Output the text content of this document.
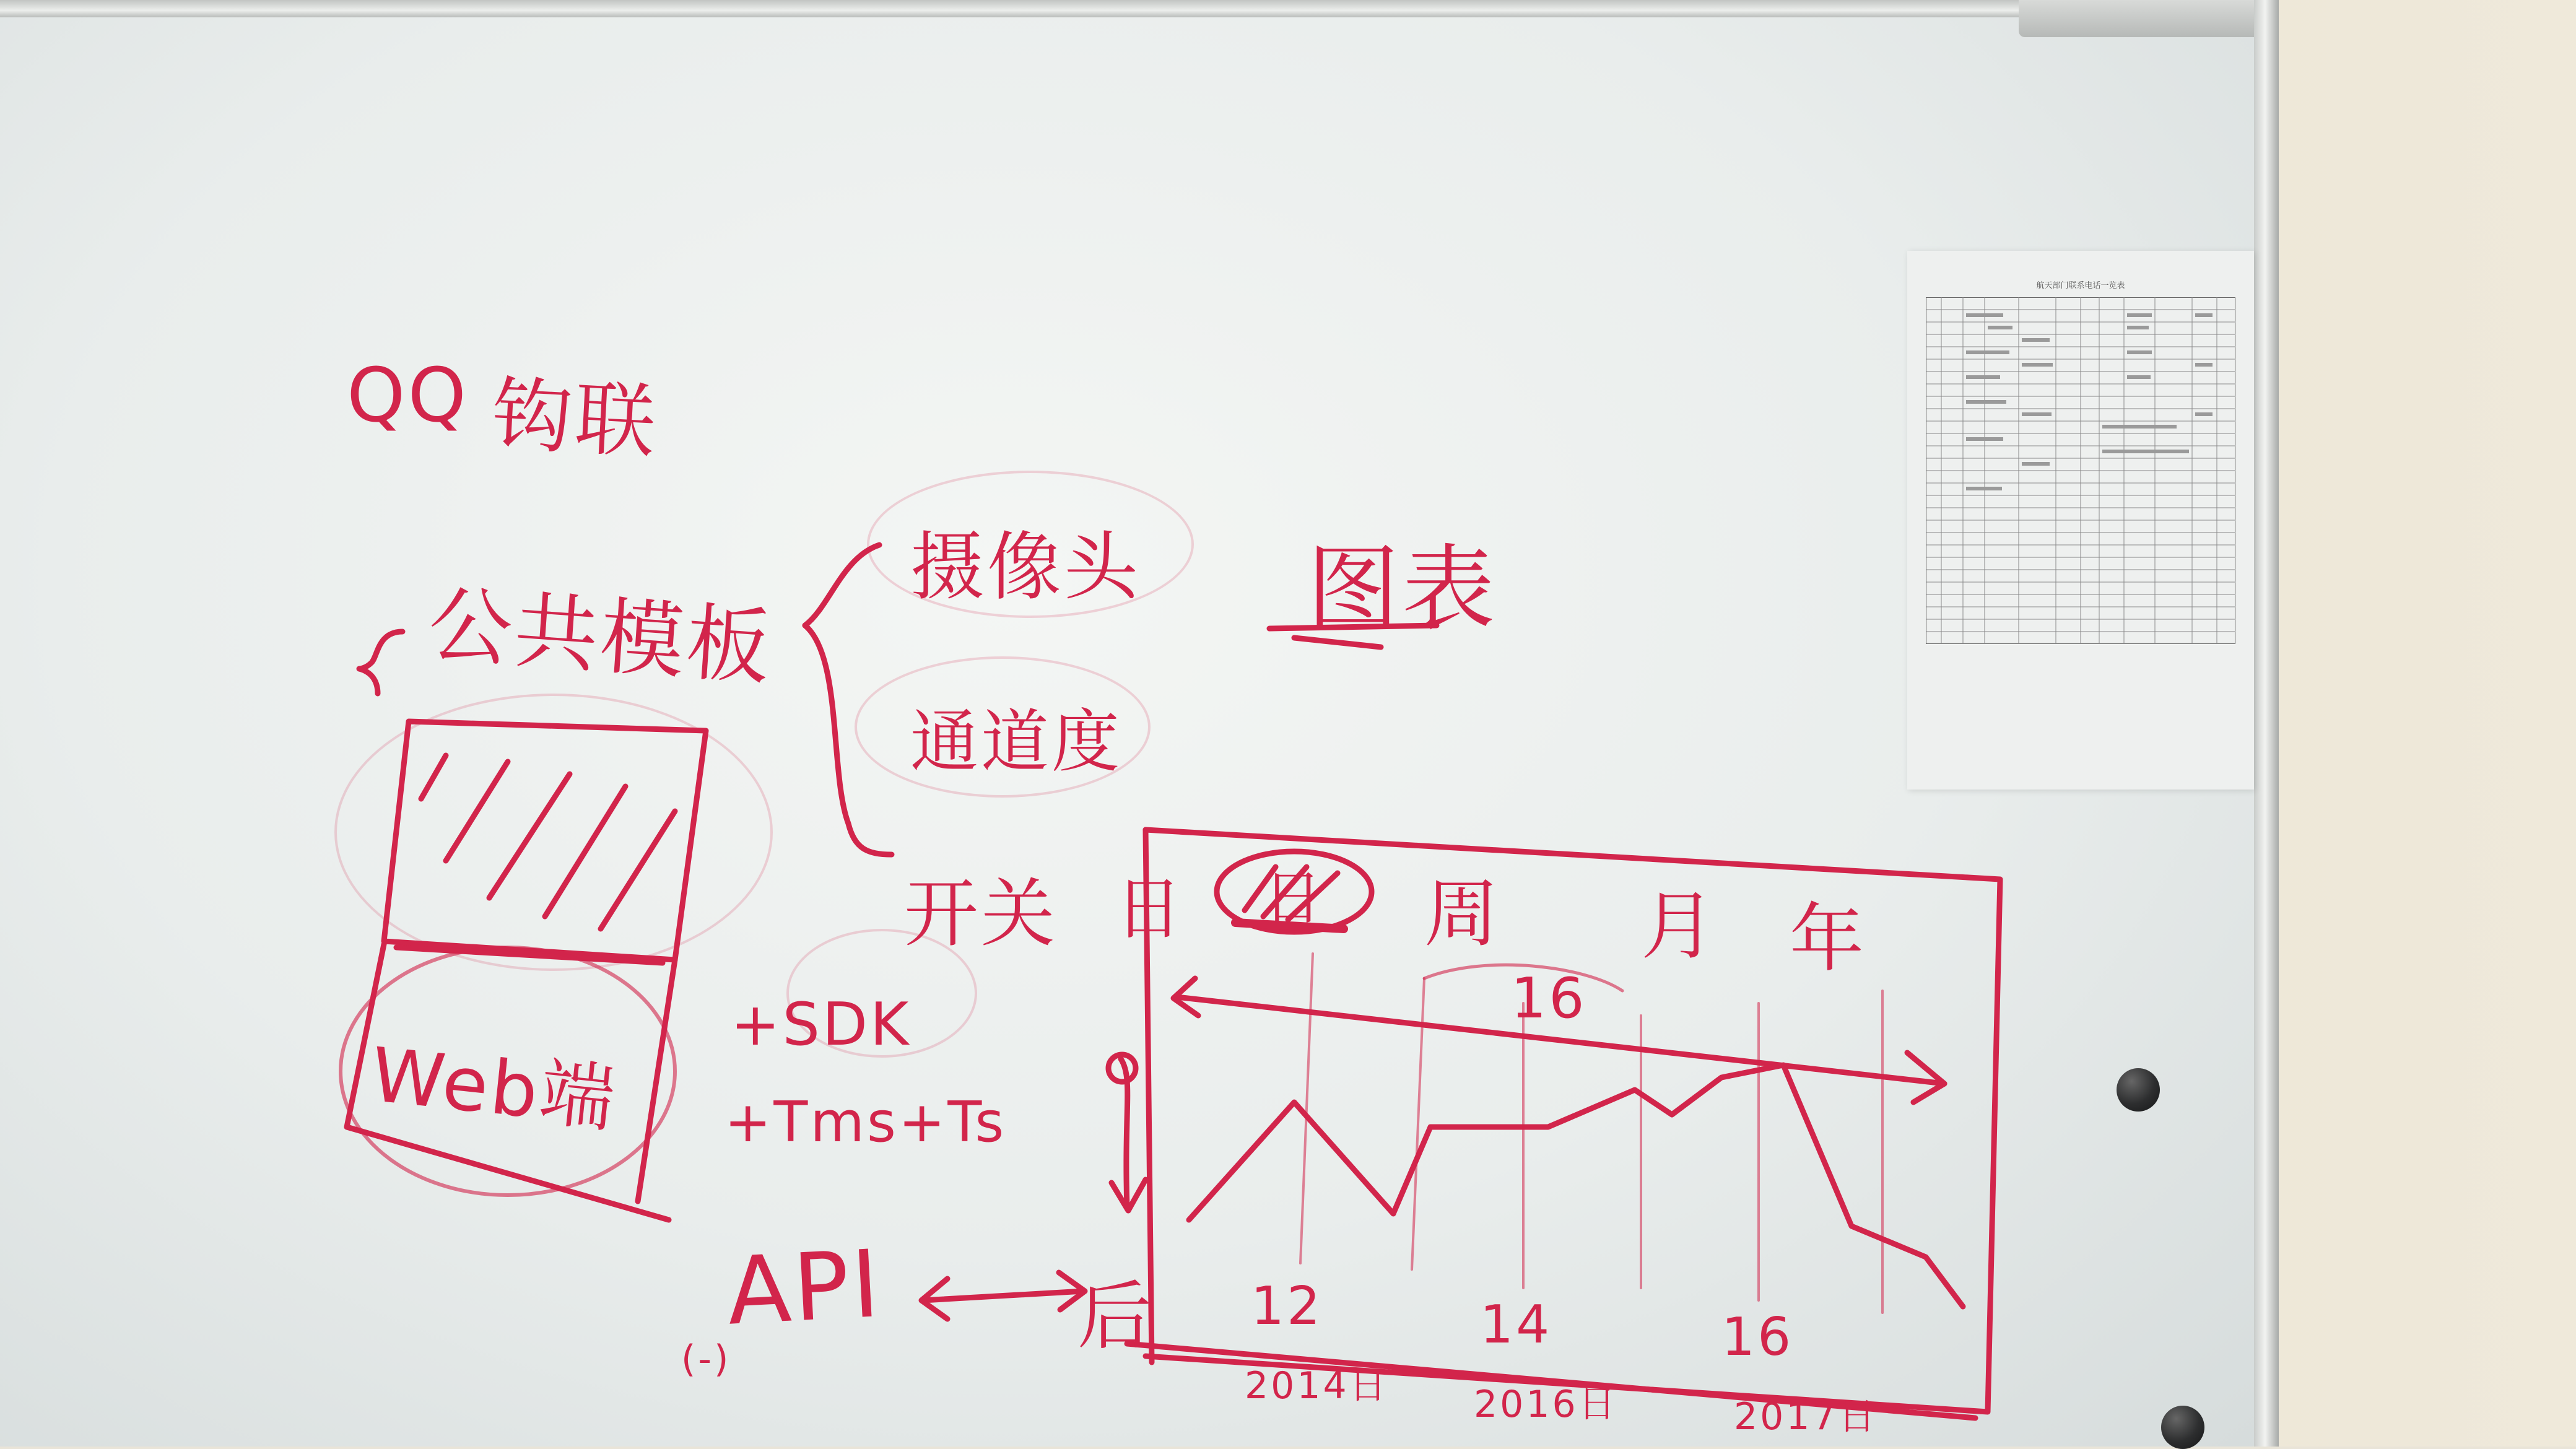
航天部门联系电话一览表
QQ 钩联
公共模板
摄像头
通道度
开关
图表
Web端
+SDK
+Tms+Ts
API
(-)	后
日 日 周 月 年
16
12	14	16
2014日 2016日	2017日
